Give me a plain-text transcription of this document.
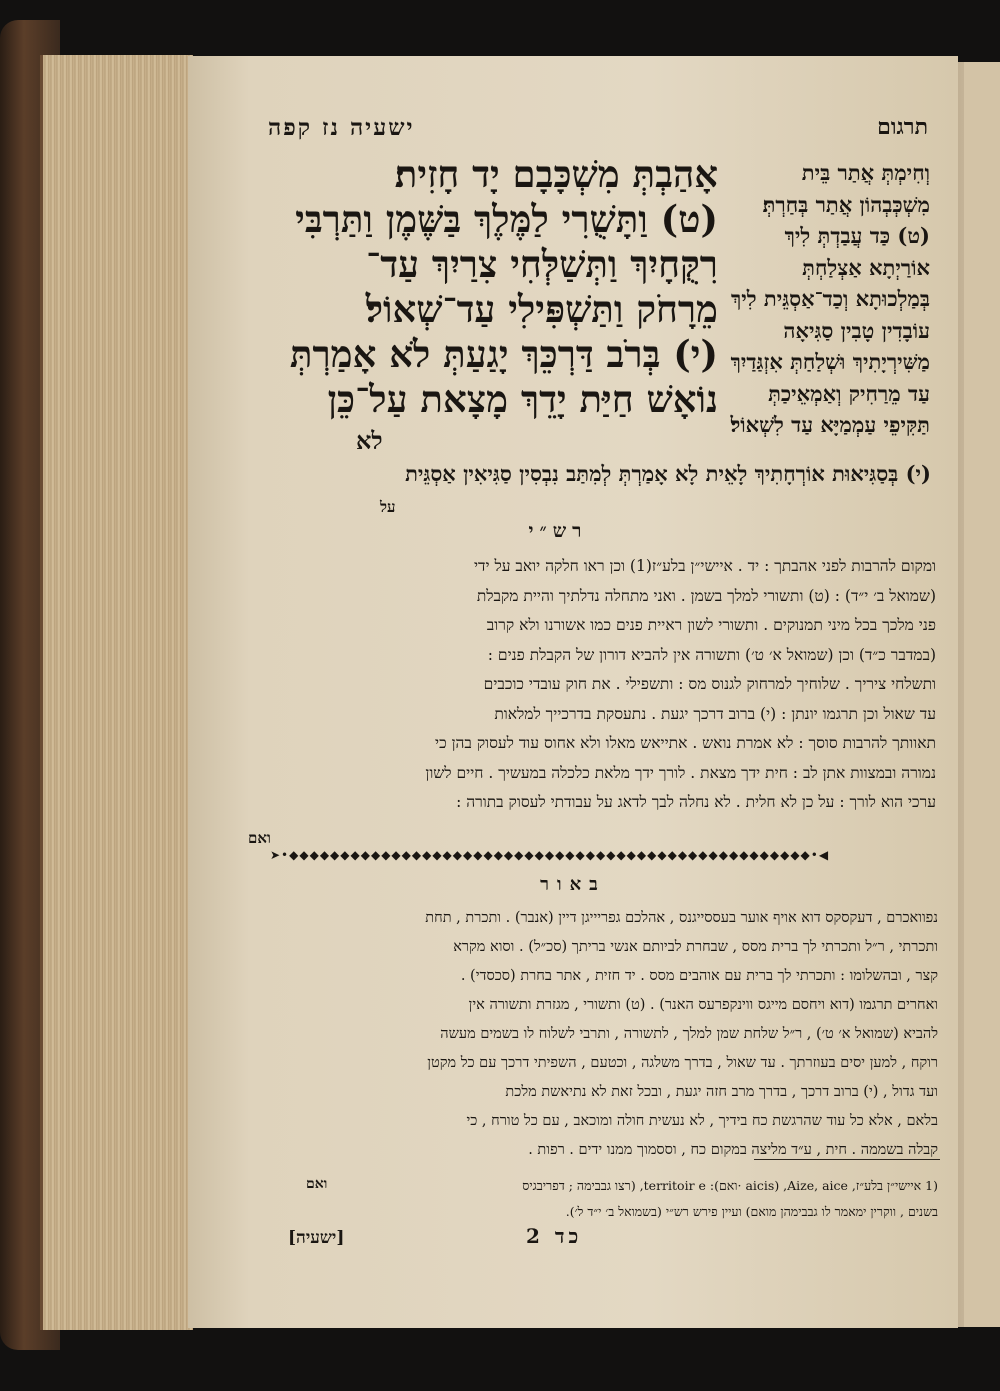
תרגום
ישעיה נז קפה
אָהַבְתְּ מִשְׁכָּבָם יָד חָזִית׃
(ט) וַתָּשֻׁרִי לַמֶּלֶךְ בַּשֶּׁמֶן וַתַּרְבִּי
רִקֻּחָיִךְ וַתְּשַׁלְּחִי צִרַיִךְ עַד־
מֵרָחֹק וַתַּשְׁפִּילִי עַד־שְׁאוֹל׃
(י) בְּרֹב דַּרְכֵּךְ יָגַעַתְּ לֹא אָמַרְתְּ
נוֹאָשׁ חַיַּת יָדֵךְ מָצָאת עַל־כֵּן
לא
וְחִימְתְּ אֲתַר בֵּית
מִשְׁכְּבְהוֹן אֲתַר בְּחַרְתְּ׃
(ט) כַּד עֲבַדְתְּ לִיךְ
אוֹרַיְתָא אַצְלַחְתְּ
בְּמַלְכוּתָא וְכַד־אַסְגֵּית לִיךְ
עוֹבָדִין טָבִין סַגִּיאָה
מַשִּׁירְיָתִיךְ וּשְׁלַחַתְּ אִזְגַּדַיִךְ
עַד מֵרַחִיק וְאַמְאֵיכַתְּ
תַּקִּיפֵי עַמְמַיָּא עַד לִשְׁאוֹל׃
(י) בְּסַגִּיאוּת אוֹרְחָתִיךְ לָאֵית לָא אָמַרְתְּ לְמִתַּב נִבְסִין סַגִּיאִין אַסְגֵּית
על
רש״י
ומקום להרבות לפני אהבתך : יד . איישי״ן בלע״ז(1) וכן ראו חלקה יואב על ידי
(שמואל ב׳ י״ד) : (ט) ותשורי למלך בשמן . ואני מתחלה נדלתיך והיית מקבלת
פני מלכך בכל מיני תמנוקים . ותשורי לשון ראיית פנים כמו אשורנו ולא קרוב
(במדבר כ״ד) וכן (שמואל א׳ ט׳) ותשורה אין להביא דורון של הקבלת פנים :
ותשלחי ציריך . שלוחיך למרחוק לגנוס מס : ותשפילי . את חוק עובדי כוכבים
עד שאול וכן תרגמו יונתן : (י) ברוב דרכך יגעת . נתעסקת בדרכייך למלאות
תאוותך להרבות סוסך : לא אמרת נואש . אתייאש מאלו ולא אחוס עוד לעסוק בהן כי
נמורה ובמצוות אתן לב : חית ידך מצאת . לורך ידך מלאת כלכלה במעשיך . חיים לשון
ערכי הוא לורך : על כן לא חלית . לא נחלה לבך לדאג על עבודתי לעסוק בתורה :
ואם
➤•◆◆◆◆◆◆◆◆◆◆◆◆◆◆◆◆◆◆◆◆◆◆◆◆◆◆◆◆◆◆◆◆◆◆◆◆◆◆◆◆◆◆◆◆◆◆◆◆◆◆◆•◀
באור
נפוואכרם , דעקסקס דוא אויף אוער בעססייגנס , אהלכם גפריייגן דיין (אנבר) . ותכרת , תחת
ותכרתי , ר״ל ותכרתי לך ברית מסס , שבחרת לביותם אנשי בריתך (סכ״ל) . וסוא מקרא
קצר , ובהשלומו : ותכרתי לך ברית עם אוהבים מסס . יד חזית , אתר בחרת (סכסדי) .
ואחרים תרגמו (דוא ויחסם מייגס ווינקפרעס האנר) . (ט) ותשורי , מגזרת ותשורה אין
להביא (שמואל א׳ ט׳) , ר״ל שלחת שמן למלך , לתשורה , ותרבי לשלוח לו בשמים מעשה
רוקח , למען יסים בעוזרתך . עד שאול , בדרך משלגה , וכטעם , השפיתי דרכך עם כל מקטן
ועד גדול , (י) ברוב דרכך , בדרך מרב חזה יגעת , ובכל זאת לא נתיאשת מלכת
בלאם , אלא כל עוד שהרגשת כח בידיך , לא נעשית חולה ומוכאב , עם כל טורח , כי
קבלה בשממה . חית , ע״ד מליצה במקום כח , וססמוך ממנו ידים . רפות .
ואם	(1 איישי״ן בלע״ז, Aize, aice, (aicis ·ואם): territoir e, (רצו גבבימה ; דפריבגיס
בשנים , ווקרין ימאמר לו גבבימהן מואם) ועיין פירש רש״י (בשמואל ב׳ י״ד ל׳).
[ישעיה]	כד 2
